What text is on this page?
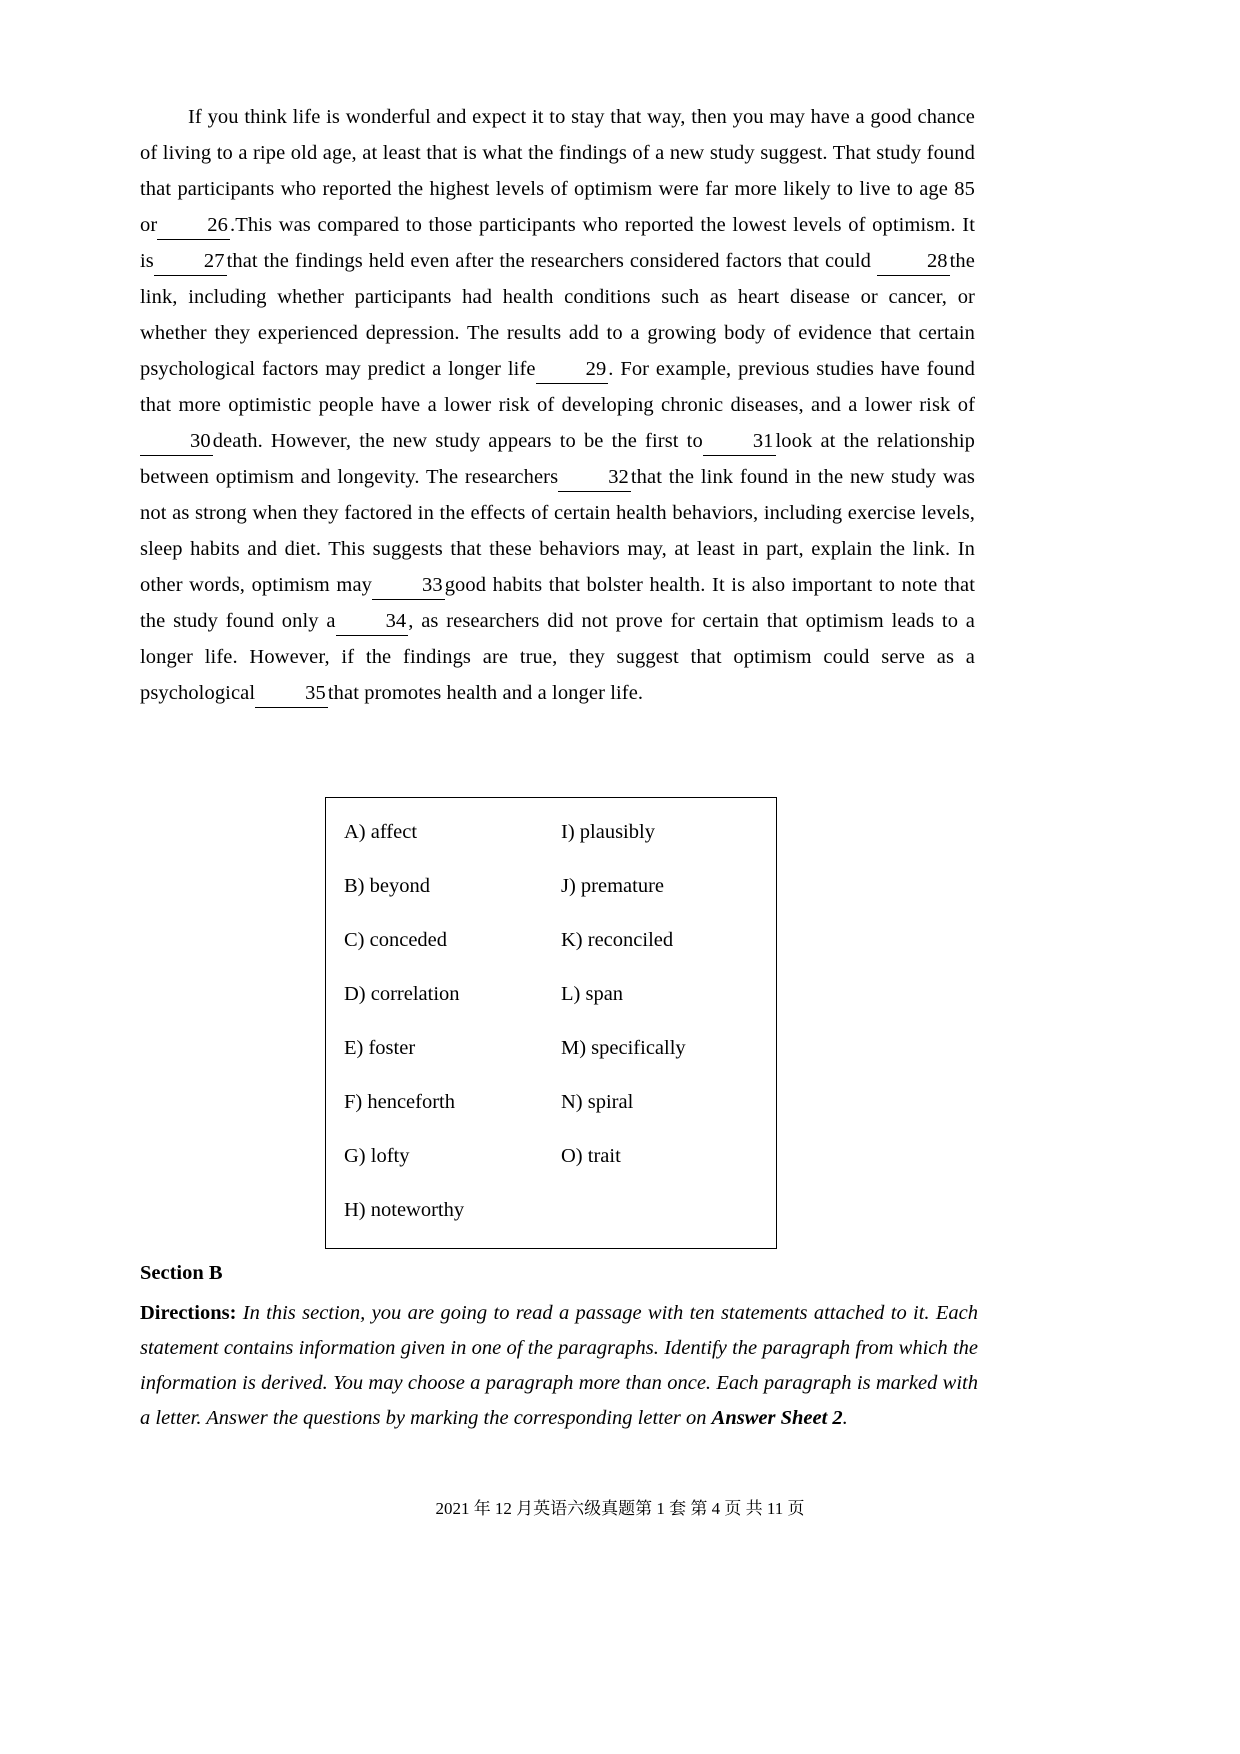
If you think life is wonderful and expect it to stay that way, then you may have a good chance of living to a ripe old age, at least that is what the findings of a new study suggest. That study found that participants who reported the highest levels of optimism were far more likely to live to age 85 or 26.This was compared to those participants who reported the lowest levels of optimism. It is 27that the findings held even after the researchers considered factors that could 28the link, including whether participants had health conditions such as heart disease or cancer, or whether they experienced depression. The results add to a growing body of evidence that certain psychological factors may predict a longer life 29. For example, previous studies have found that more optimistic people have a lower risk of developing chronic diseases, and a lower risk of30death. However, the new study appears to be the first to 31look at the relationship between optimism and longevity. The researchers 32that the link found in the new study was not as strong when they factored in the effects of certain health behaviors, including exercise levels, sleep habits and diet. This suggests that these behaviors may, at least in part, explain the link. In other words, optimism may 33good habits that bolster health. It is also important to note that the study found only a 34, as researchers did not prove for certain that optimism leads to a longer life. However, if the findings are true, they suggest that optimism could serve as a psychological 35that promotes health and a longer life.

A) affect
B) beyond
C) conceded
D) correlation
E) foster
F) henceforth
G) lofty
H) noteworthy
I) plausibly
J) premature
K) reconciled
L) span
M) specifically
N) spiral
O) trait
Section B
Directions: In this section, you are going to read a passage with ten statements attached to it. Each statement contains information given in one of the paragraphs. Identify the paragraph from which the information is derived. You may choose a paragraph more than once. Each paragraph is marked with a letter. Answer the questions by marking the corresponding letter on Answer Sheet 2.
2021 年 12 月英语六级真题第 1 套 第 4 页 共 11 页
